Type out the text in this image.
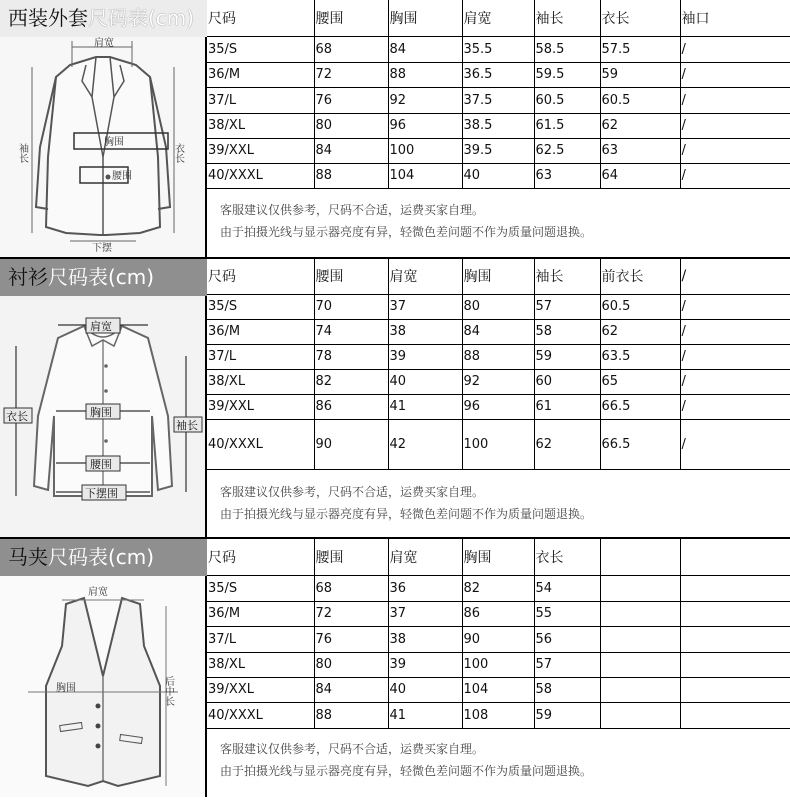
西装外套尺码表(cm)
肩宽
胸围
腰围
下摆
袖长	衣长
尺码	腰围	胸围	肩宽	袖长	衣长	袖口
35/S	68	84	35.5	58.5	57.5	/
36/M	72	88	36.5	59.5	59	/
37/L	76	92	37.5	60.5	60.5	/
38/XL	80	96	38.5	61.5	62	/
39/XXL	84	100	39.5	62.5	63	/
40/XXXL	88	104	40	63	64	/
客服建议仅供参考，尺码不合适，运费买家自理。
由于拍摄光线与显示器亮度有异，轻微色差问题不作为质量问题退换。
衬衫尺码表(cm)
肩宽
胸围
腰围
下摆围
衣长
袖长
尺码	腰围	肩宽	胸围	袖长	前衣长	/
35/S	70	37	80	57	60.5	/
36/M	74	38	84	58	62	/
37/L	78	39	88	59	63.5	/
38/XL	82	40	92	60	65	/
39/XXL	86	41	96	61	66.5	/
40/XXXL	90	42	100	62	66.5	/
客服建议仅供参考，尺码不合适，运费买家自理。
由于拍摄光线与显示器亮度有异，轻微色差问题不作为质量问题退换。
马夹尺码表(cm)
肩宽
胸围	后中长
尺码	腰围	肩宽	胸围	衣长		
35/S	68	36	82	54		
36/M	72	37	86	55		
37/L	76	38	90	56		
38/XL	80	39	100	57		
39/XXL	84	40	104	58		
40/XXXL	88	41	108	59		
客服建议仅供参考，尺码不合适，运费买家自理。
由于拍摄光线与显示器亮度有异，轻微色差问题不作为质量问题退换。
